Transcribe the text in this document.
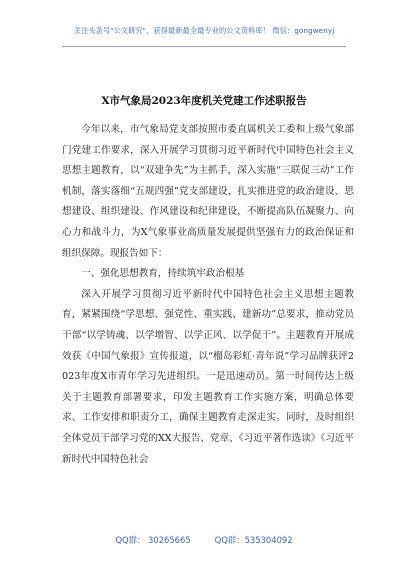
关注头条号"公文研究"，获得最新最全最专业的公文资料库！ 微信：gongwenyj
X市气象局2023年度机关党建工作述职报告

今年以来，市气象局党支部按照市委直属机关工委和上级气象部门党建工作要求，深入开展学习贯彻习近平新时代中国特色社会主义思想主题教育，以“双建争先”为主抓手，深入实施“三联促三动”工作机制，落实落细“五规四强”党支部建设，扎实推进党的政治建设、思想建设、组织建设、作风建设和纪律建设，不断提高队伍凝聚力、向心力和战斗力，为X气象事业高质量发展提供坚强有力的政治保证和组织保障。现报告如下：

一、强化思想教育，持续筑牢政治根基

深入开展学习贯彻习近平新时代中国特色社会主义思想主题教育，紧紧围绕“学思想、强党性、重实践、建新功”总要求，推动党员干部“以学铸魂、以学增智、以学正风、以学促干”。主题教育开展成效获《中国气象报》宣传报道，以“榴岛彩虹·青年说”学习品牌获评2023年度X市青年学习先进组织。一是迅速动员。第一时间传达上级关于主题教育部署要求，印发主题教育工作实施方案，明确总体要求、工作安排和职责分工，确保主题教育走深走实。同时，及时组织全体党员干部学习党的XX大报告、党章、《习近平著作选读》《习近平新时代中国特色社会

QQ群： 30265665	QQ群：535304092
